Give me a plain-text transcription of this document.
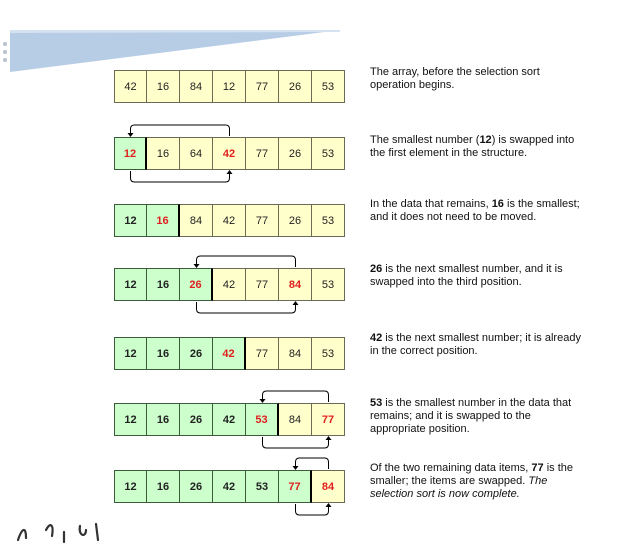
42	16	84	12	77	26	53
The array, before the selection sort operation begins.
12	16	64	42	77	26	53
The smallest number (12) is swapped into the first element in the structure.
12	16	84	42	77	26	53
In the data that remains, 16 is the smallest; and it does not need to be moved.
12	16	26	42	77	84	53
26 is the next smallest number, and it is swapped into the third position.
12	16	26	42	77	84	53
42 is the next smallest number; it is already in the correct position.
12	16	26	42	53	84	77
53 is the smallest number in the data that remains; and it is swapped to the appropriate position.
12	16	26	42	53	77	84
Of the two remaining data items, 77 is the smaller; the items are swapped. The selection sort is now complete.
